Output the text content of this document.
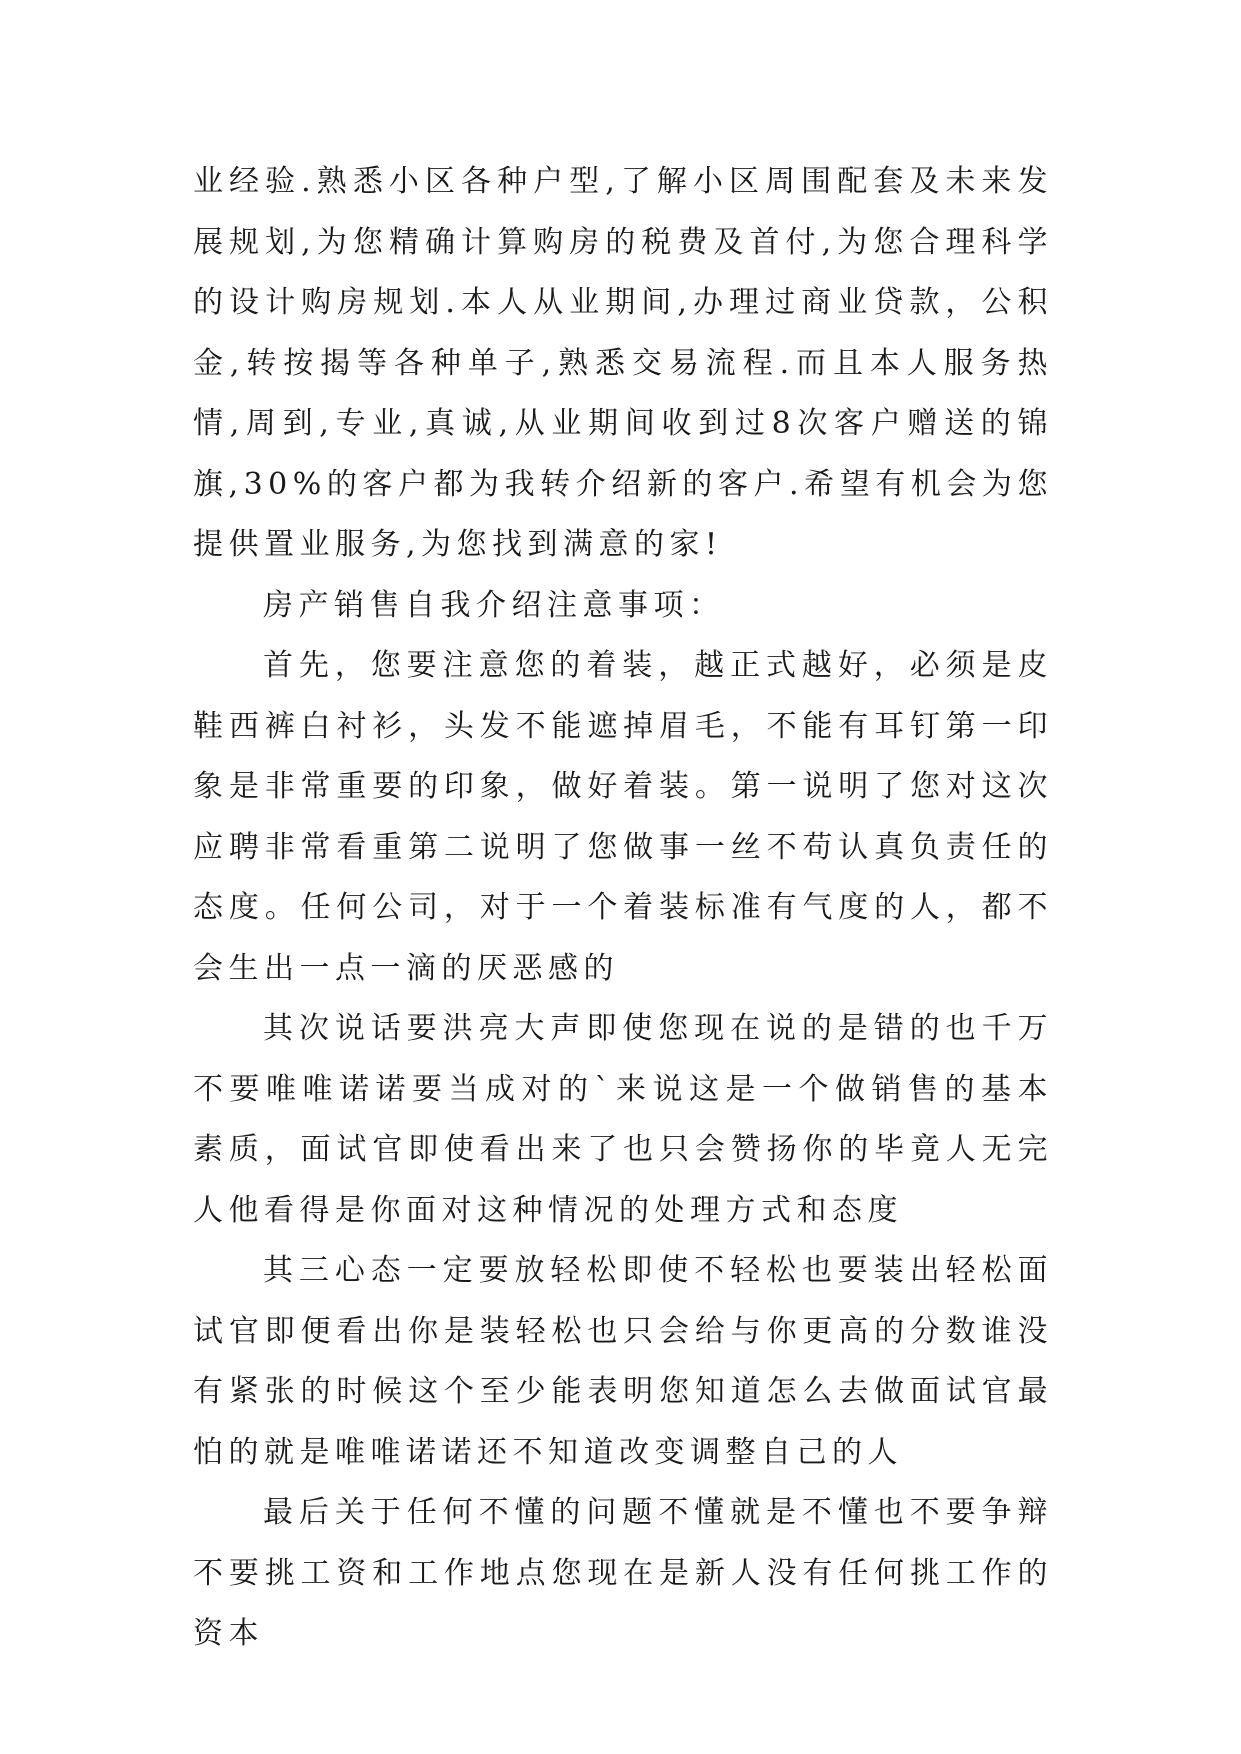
业经验.熟悉小区各种户型,了解小区周围配套及未来发展规划,为您精确计算购房的税费及首付,为您合理科学的设计购房规划.本人从业期间,办理过商业贷款，公积金,转按揭等各种单子,熟悉交易流程.而且本人服务热情,周到,专业,真诚,从业期间收到过8次客户赠送的锦旗,30%的客户都为我转介绍新的客户.希望有机会为您提供置业服务,为您找到满意的家!

房产销售自我介绍注意事项：

首先，您要注意您的着装，越正式越好，必须是皮鞋西裤白衬衫，头发不能遮掉眉毛，不能有耳钉第一印象是非常重要的印象，做好着装。第一说明了您对这次应聘非常看重第二说明了您做事一丝不苟认真负责任的态度。任何公司，对于一个着装标准有气度的人，都不会生出一点一滴的厌恶感的

其次说话要洪亮大声即使您现在说的是错的也千万不要唯唯诺诺要当成对的`来说这是一个做销售的基本素质，面试官即使看出来了也只会赞扬你的毕竟人无完人他看得是你面对这种情况的处理方式和态度

其三心态一定要放轻松即使不轻松也要装出轻松面试官即便看出你是装轻松也只会给与你更高的分数谁没有紧张的时候这个至少能表明您知道怎么去做面试官最怕的就是唯唯诺诺还不知道改变调整自己的人

最后关于任何不懂的问题不懂就是不懂也不要争辩不要挑工资和工作地点您现在是新人没有任何挑工作的资本
